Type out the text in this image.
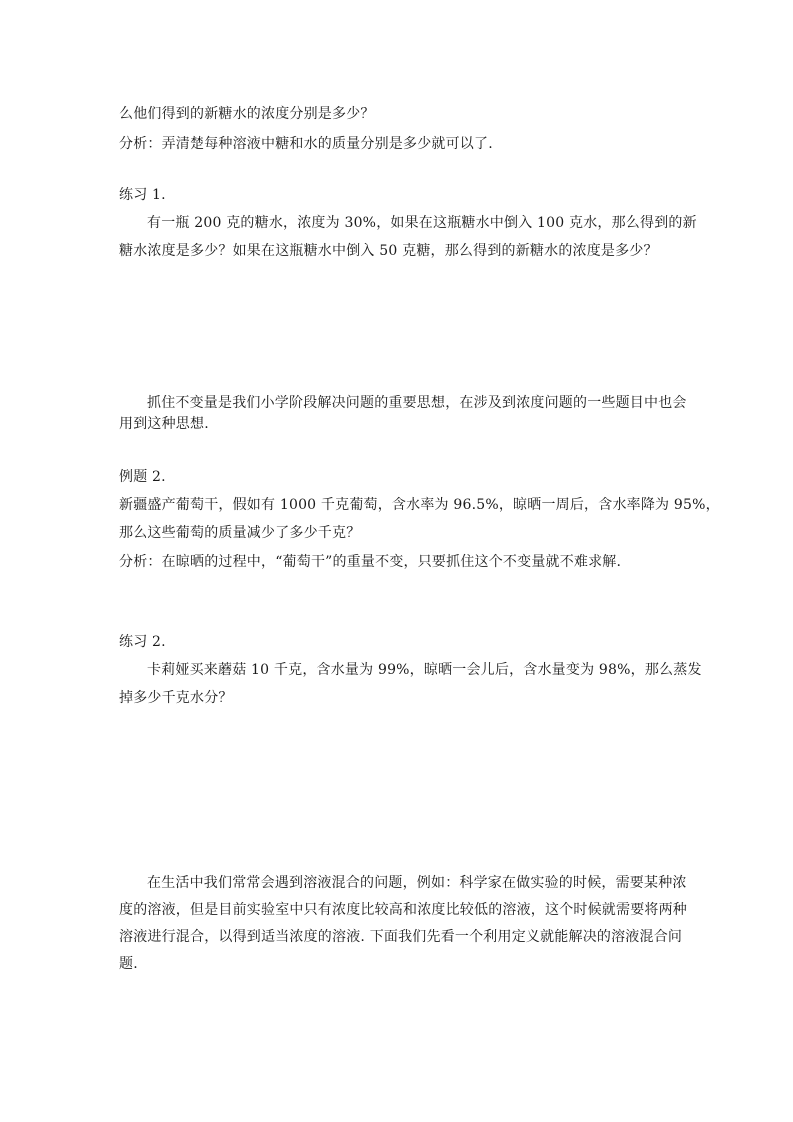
么他们得到的新糖水的浓度分别是多少？
分析：弄清楚每种溶液中糖和水的质量分别是多少就可以了.
练习 1.
有一瓶 200 克的糖水，浓度为 30%，如果在这瓶糖水中倒入 100 克水，那么得到的新
糖水浓度是多少？如果在这瓶糖水中倒入 50 克糖，那么得到的新糖水的浓度是多少？
抓住不变量是我们小学阶段解决问题的重要思想，在涉及到浓度问题的一些题目中也会
用到这种思想.
例题 2.
新疆盛产葡萄干，假如有 1000 千克葡萄，含水率为 96.5%，晾晒一周后，含水率降为 95%，
那么这些葡萄的质量减少了多少千克？
分析：在晾晒的过程中，“葡萄干”的重量不变，只要抓住这个不变量就不难求解.
练习 2.
卡莉娅买来蘑菇 10 千克，含水量为 99%，晾晒一会儿后，含水量变为 98%，那么蒸发
掉多少千克水分？
在生活中我们常常会遇到溶液混合的问题，例如：科学家在做实验的时候，需要某种浓
度的溶液，但是目前实验室中只有浓度比较高和浓度比较低的溶液，这个时候就需要将两种
溶液进行混合，以得到适当浓度的溶液. 下面我们先看一个利用定义就能解决的溶液混合问
题.
